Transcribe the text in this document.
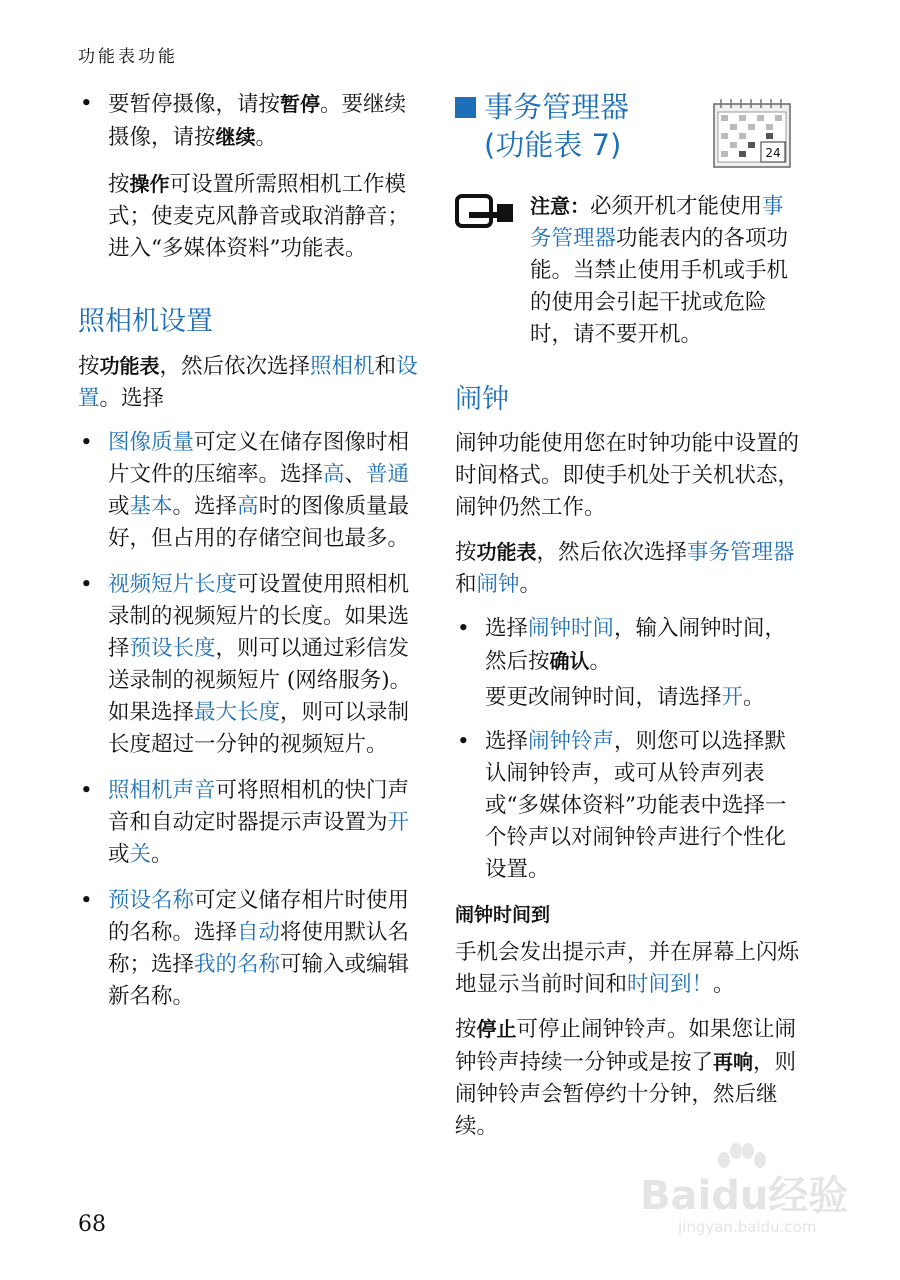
功能表功能
• 要暂停摄像，请按暂停。要继续摄像，请按继续。
按操作可设置所需照相机工作模式；使麦克风静音或取消静音；进入“多媒体资料”功能表。
照相机设置
按功能表，然后依次选择照相机和设置。选择
• 图像质量可定义在储存图像时相片文件的压缩率。选择高、普通或基本。选择高时的图像质量最好，但占用的存储空间也最多。
• 视频短片长度可设置使用照相机录制的视频短片的长度。如果选择预设长度，则可以通过彩信发送录制的视频短片 (网络服务)。如果选择最大长度，则可以录制长度超过一分钟的视频短片。
• 照相机声音可将照相机的快门声音和自动定时器提示声设置为开或关。
• 预设名称可定义储存相片时使用的名称。选择自动将使用默认名称；选择我的名称可输入或编辑新名称。
事务管理器
(功能表 7)	24
注意：必须开机才能使用事务管理器功能表内的各项功能。当禁止使用手机或手机的使用会引起干扰或危险时，请不要开机。
闹钟
闹钟功能使用您在时钟功能中设置的时间格式。即使手机处于关机状态，闹钟仍然工作。
按功能表，然后依次选择事务管理器和闹钟。
• 选择闹钟时间，输入闹钟时间，然后按确认。
要更改闹钟时间，请选择开。
• 选择闹钟铃声，则您可以选择默认闹钟铃声，或可从铃声列表或“多媒体资料”功能表中选择一个铃声以对闹钟铃声进行个性化设置。
闹钟时间到
手机会发出提示声，并在屏幕上闪烁地显示当前时间和时间到！。
按停止可停止闹钟铃声。如果您让闹钟铃声持续一分钟或是按了再响，则闹钟铃声会暂停约十分钟，然后继续。
68
Baidu经验
jingyan.baidu.com
